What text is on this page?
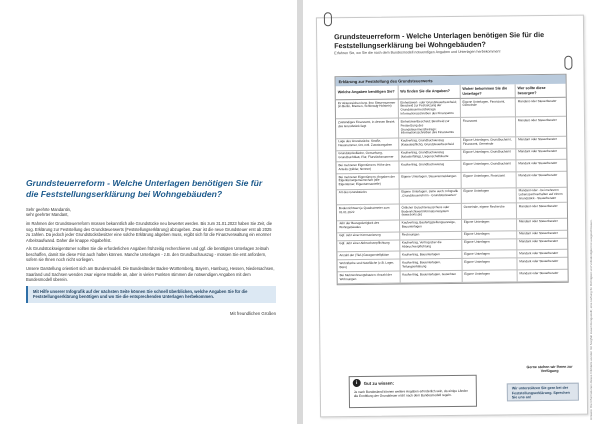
Grundsteuerreform - Welche Unterlagen benötigen Sie für die Feststellungserklärung bei Wohngebäuden?

Sehr geehrte Mandantin,
sehr geehrter Mandant,

im Rahmen der Grundsteuerreform müssen bekanntlich alle Grundstücke neu bewertet werden. Bis zum 31.01.2023 haben Sie Zeit, die sog. Erklärung zur Feststellung des Grundsteuerwerts (Feststellungserklärung) abzugeben. Zwar ist die neue Grundsteuer erst ab 2025 zu zahlen. Da jedoch jeder Grundstücksbesitzer eine solche Erklärung abgeben muss, ergibt sich für die Finanzverwaltung ein enormer Arbeitsaufwand. Daher die knappe Abgabefrist.

Als Grundstückseigentümer sollten Sie die erforderlichen Angaben frühzeitig recherchieren und ggf. die benötigten Unterlagen zeitnah beschaffen, damit Sie diese Frist auch halten können. Manche Unterlagen - z.B. den Grundbuchauszug - müssen Sie erst anfordern, sofern sie Ihnen noch nicht vorliegen.

Unsere Darstellung orientiert sich am Bundesmodell. Die Bundesländer Baden-Württemberg, Bayern, Hamburg, Hessen, Niedersachsen, Saarland und Sachsen wenden zwar eigene Modelle an, aber in vielen Punkten stimmen die notwendigen Angaben mit dem Bundesmodell überein.

Mit Hilfe unserer Infografik auf der nächsten Seite können Sie schnell überblicken, welche Angaben Sie für die Feststellungserklärung benötigen und wo Sie die entsprechenden Unterlagen herbekommen.

Mit freundlichen Grüßen
Grundsteuerreform - Welche Unterlagen benötigen Sie für die Feststellungserklärung bei Wohngebäuden?
Erfahren Sie, wo Sie die nach dem Bundesmodell notwendigen Angaben und Unterlagen herbekommen!
Erklärung zur Feststellung des Grundsteuerwerts
Welche Angaben benötigen Sie?	Wo finden Sie die Angaben?	Woher bekommen Sie die Unterlage?	Wer sollte diese besorgen?
Ihr Aktenzeichen bzw. Ihre Steuernummer (in Berlin, Bremen, Schleswig-Holstein)	Einheitswert- oder Grundsteuerbescheid; Bescheid zur Festsetzung der Grundsteuermessbetrags, Informationsschreiben des Finanzamts	Eigene Unterlagen, Finanzamt, Gemeinde	Mandant oder Steuerberater
Zuständiges Finanzamt, in dessen Bezirk das Grundstück liegt	Einheitswertbescheid; Bescheid zur Festsetzung des Grundsteuermessbetrags; Informationsschreiben des Finanzamts	Finanzamt	Mandant oder Steuerberater
Lage des Grundstücks: Straße, Hausnummer, Ort, evtl. Zusatzangaben	Kaufvertrag, Grundbuchauszug (Katasterpflicht), Grundsteuerbescheid	Eigene Unterlagen, Grundbuchamt, Finanzamt, Gemeinde	Mandant oder Steuerberater
Grundstücksfläche, Gemarkung, Grundbuchblatt, Flur, Flurstücksnummer	Kaufvertrag, Grundbuchauszug (katasterfähig), Liegenschaftskarte	Eigene Unterlagen, Grundbuchamt	Mandant oder Steuerberater
Bei mehreren Eigentümern: Höhe des Anteils (Zähler, Nenner)	Kaufvertrag, Grundbuchauszug	Eigene Unterlagen, Grundbuchamt	Mandant oder Steuerberater
Bei mehreren Eigentümern: Angaben der Eigentümergemeinschaft (alle Eigentümer, Eigentumsanteile)	Eigene Unterlagen, Steueranmeldungen	Eigene Unterlagen, Finanzamt	Mandant oder Steuerberater
Art des Grundstücks	Eigene Unterlagen, siehe auch: Infografik „Grundsteuerreform - Grundstücksarten“	Eigene Unterlagen	Mandant oder - bei mehreren Lebenssachverhalten auf einem Grundstück - Steuerberater
Bodenrichtwert je Quadratmeter zum 01.01.2022	Örtlicher Gutachterausschuss oder Bodenrichtwertinformationssystem (www.boris.de)	Gemeinde, eigene Recherche	Mandant oder Steuerberater
Jahr der Bezugsfertigkeit des Wohngebäudes	Kaufvertrag, Baufertigstellungsanzeige, Bauunterlagen	Eigene Unterlagen	Mandant oder Steuerberater
Ggf. Jahr einer Kernsanierung	Rechnungen	Eigene Unterlagen	Mandant oder Steuerberater
Ggf. Jahr einer Abbruchverpflichtung	Kaufvertrag, Vertrag über die Abbruchverpflichtung	Eigene Unterlagen	Mandant oder Steuerberater
Anzahl der (Tief-)Garagenstellplätze	Kaufvertrag, Bauunterlagen	Eigene Unterlagen	Mandant oder Steuerberater
Wohnfläche und Nutzfläche (z.B. Lager, Büro)	Kaufvertrag, Bauunterlagen, Teilungserklärung	Eigene Unterlagen	Mandant oder Steuerberater
Bei Mehrwohnungsbauten: Anzahl der Wohnungen	Kaufvertrag, Bauunterlagen, Gutachten	Eigene Unterlagen	Mandant oder Steuerberater
i	Gut zu wissen:
Je nach Bundesland können weitere Angaben erforderlich sein, da einige Länder die Ermittlung der Grundsteuer nicht nach dem Bundesmodell regeln.
Gerne stehen wir Ihnen zur Verfügung
Wir unterstützen Sie gern bei der Feststellungserklärung. Sprechen Sie uns an!	Hinweis: Die Informationen dieses Infoblatts wurden mit Sorgfalt zusammengestellt; eine Haftung für Richtigkeit und Vollständigkeit ist ausgeschlossen.
